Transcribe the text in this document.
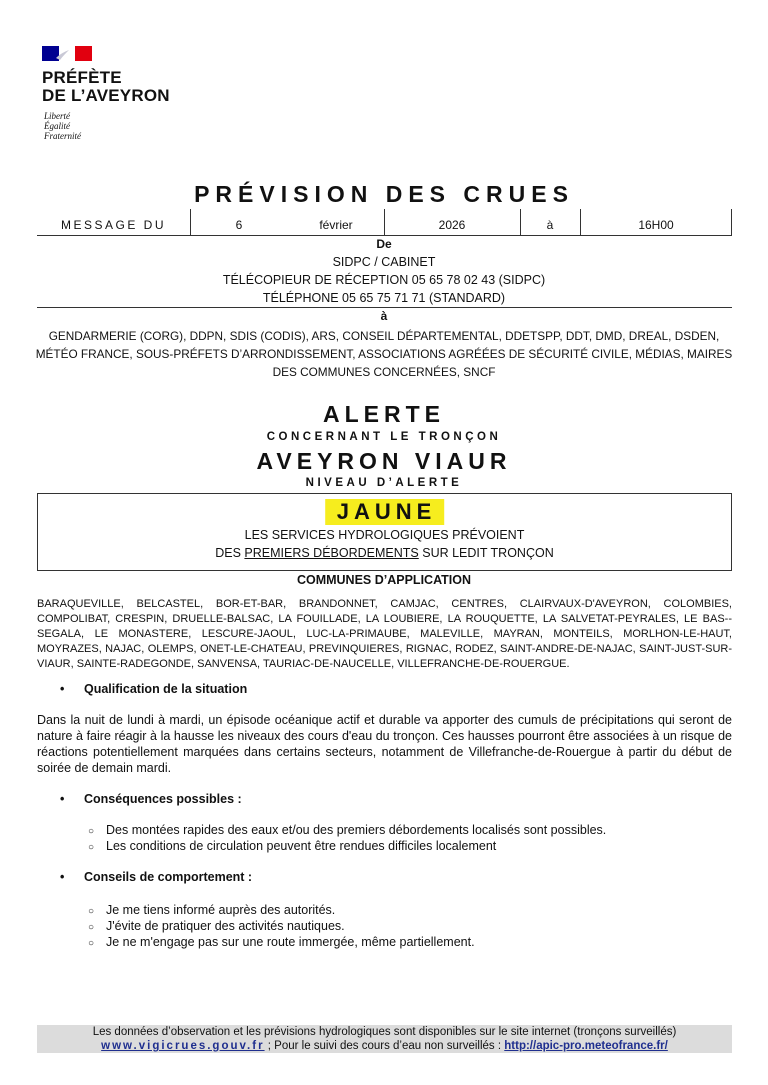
PRÉFÈTE
DE L’AVEYRON
Liberté
Égalité
Fraternité
PRÉVISION DES CRUES
MESSAGE DU	6	février	2026	à	16H00
De
SIDPC / CABINET
TÉLÉCOPIEUR DE RÉCEPTION 05 65 78 02 43 (SIDPC)
TÉLÉPHONE 05 65 75 71 71 (STANDARD)
à
GENDARMERIE (CORG), DDPN, SDIS (CODIS), ARS, CONSEIL DÉPARTEMENTAL, DDETSPP, DDT, DMD, DREAL, DSDEN,
MÉTÉO FRANCE, SOUS-PRÉFETS D’ARRONDISSEMENT, ASSOCIATIONS AGRÉÉES DE SÉCURITÉ CIVILE, MÉDIAS, MAIRES
DES COMMUNES CONCERNÉES, SNCF
ALERTE
CONCERNANT LE TRONÇON
AVEYRON VIAUR
NIVEAU D’ALERTE
JAUNE
LES SERVICES HYDROLOGIQUES PRÉVOIENT
DES PREMIERS DÉBORDEMENTS SUR LEDIT TRONÇON
COMMUNES D’APPLICATION
BARAQUEVILLE, BELCASTEL, BOR-ET-BAR, BRANDONNET, CAMJAC, CENTRES, CLAIRVAUX-D'AVEYRON, COLOMBIES, COMPOLIBAT, CRESPIN, DRUELLE-BALSAC, LA FOUILLADE, LA LOUBIERE, LA ROUQUETTE, LA SALVETAT-PEYRALES, LE BAS--SEGALA, LE MONASTERE, LESCURE-JAOUL, LUC-LA-PRIMAUBE, MALEVILLE, MAYRAN, MONTEILS, MORLHON-LE-HAUT, MOYRAZES, NAJAC, OLEMPS, ONET-LE-CHATEAU, PREVINQUIERES, RIGNAC, RODEZ, SAINT-ANDRE-DE-NAJAC, SAINT-JUST-SUR-VIAUR, SAINTE-RADEGONDE, SANVENSA, TAURIAC-DE-NAUCELLE, VILLEFRANCHE-DE-ROUERGUE.
• Qualification de la situation
Dans la nuit de lundi à mardi, un épisode océanique actif et durable va apporter des cumuls de précipitations qui seront de nature à faire réagir à la hausse les niveaux des cours d'eau du tronçon. Ces hausses pourront être associées à un risque de réactions potentiellement marquées dans certains secteurs, notamment de Villefranche-de-Rouergue à partir du début de soirée de demain mardi.
• Conséquences possibles :
○ Des montées rapides des eaux et/ou des premiers débordements localisés sont possibles.
○ Les conditions de circulation peuvent être rendues difficiles localement
• Conseils de comportement :
○ Je me tiens informé auprès des autorités.
○ J'évite de pratiquer des activités nautiques.
○ Je ne m'engage pas sur une route immergée, même partiellement.
Les données d’observation et les prévisions hydrologiques sont disponibles sur le site internet (tronçons surveillés)
www.vigicrues.gouv.fr ; Pour le suivi des cours d’eau non surveillés : http://apic-pro.meteofrance.fr/
